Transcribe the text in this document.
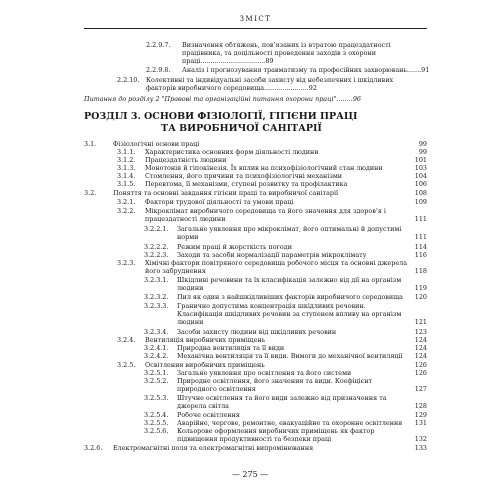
ЗМІСТ
2.2.9.7. Визначення обтяжень, пов’язаних із втратою працездатності працівника, та доцільності проведення заходів з охорони праці................................89
2.2.9.8. Аналіз і прогнозування травматизму та професійних захворювань.......91
2.2.10. Колективні та індивідуальні засоби захисту від небезпечних і шкідливих факторів виробничого середовища......................92
Питання до розділу 2 "Правові та організаційні питання охорони праці"........96
РОЗДІЛ 3. ОСНОВИ ФІЗІОЛОГІЇ, ГІГІЄНИ ПРАЦІ
ТА ВИРОБНИЧОЇ САНІТАРІЇ
3.1.	Фізіологічні основи праці	99
3.1.1. Характеристика основних форм діяльності людини	99
3.1.2. Працездатність людини	101
3.1.3. Монотонія й гіпокінезія. Їх вплив на психофізіологічний стан людини	103
3.1.4. Стомлення, його причини та психофізіологічні механізми	104
3.1.5. Перевтома, її механізми, ступені розвитку та профілактика	106
3.2.	Поняття та основні завдання гігієни праці та виробничої санітарії	108
3.2.1. Фактори трудової діяльності та умови праці	109
3.2.2. Мікроклімат виробничого середовища та його значення для здоров’я і працездатності людини	111
3.2.2.1. Загальне уявлення про мікроклімат, його оптимальні й допустимі норми	111
3.2.2.2. Режим праці й жорсткість погоди	114
3.2.2.3. Заходи та засоби нормалізації параметрів мікроклімату	116
3.2.3. Хімічні фактори повітряного середовища робочого місця та основні джерела його забруднення	118
3.2.3.1. Шкідливі речовини та їх класифікація залежно від дії на організм людини	119
3.2.3.2. Пил як один з найшкідливіших факторів виробничого середовища	120
3.2.3.3. Гранично допустима концентрація шкідливих речовин. Класифікація шкідливих речовин за ступенем впливу на організм людини	121
3.2.3.4. Засоби захисту людини від шкідливих речовин	123
3.2.4. Вентиляція виробничих приміщень	124
3.2.4.1. Природна вентиляція та її види	124
3.2.4.2. Механічна вентиляція та її види. Вимоги до механічної вентиляції	124
3.2.5. Освітлення виробничих приміщень	126
3.2.5.1. Загальне уявлення про освітлення та його системи	126
3.2.5.2. Природне освітлення, його значення та види. Коефіцієнт природного освітлення	127
3.2.5.3. Штучне освітлення та його види залежно від призначення та джерела світла	128
3.2.5.4. Робоче освітлення	129
3.2.5.5. Аварійне, чергове, ремонтне, евакуаційне та охоронне освітлення	131
3.2.5.6. Кольорове оформлення виробничих приміщень як фактор підвищення продуктивності та безпеки праці	132
3.2.6. Електромагнітні поля та електромагнітні випромінювання	133
— 275 —
